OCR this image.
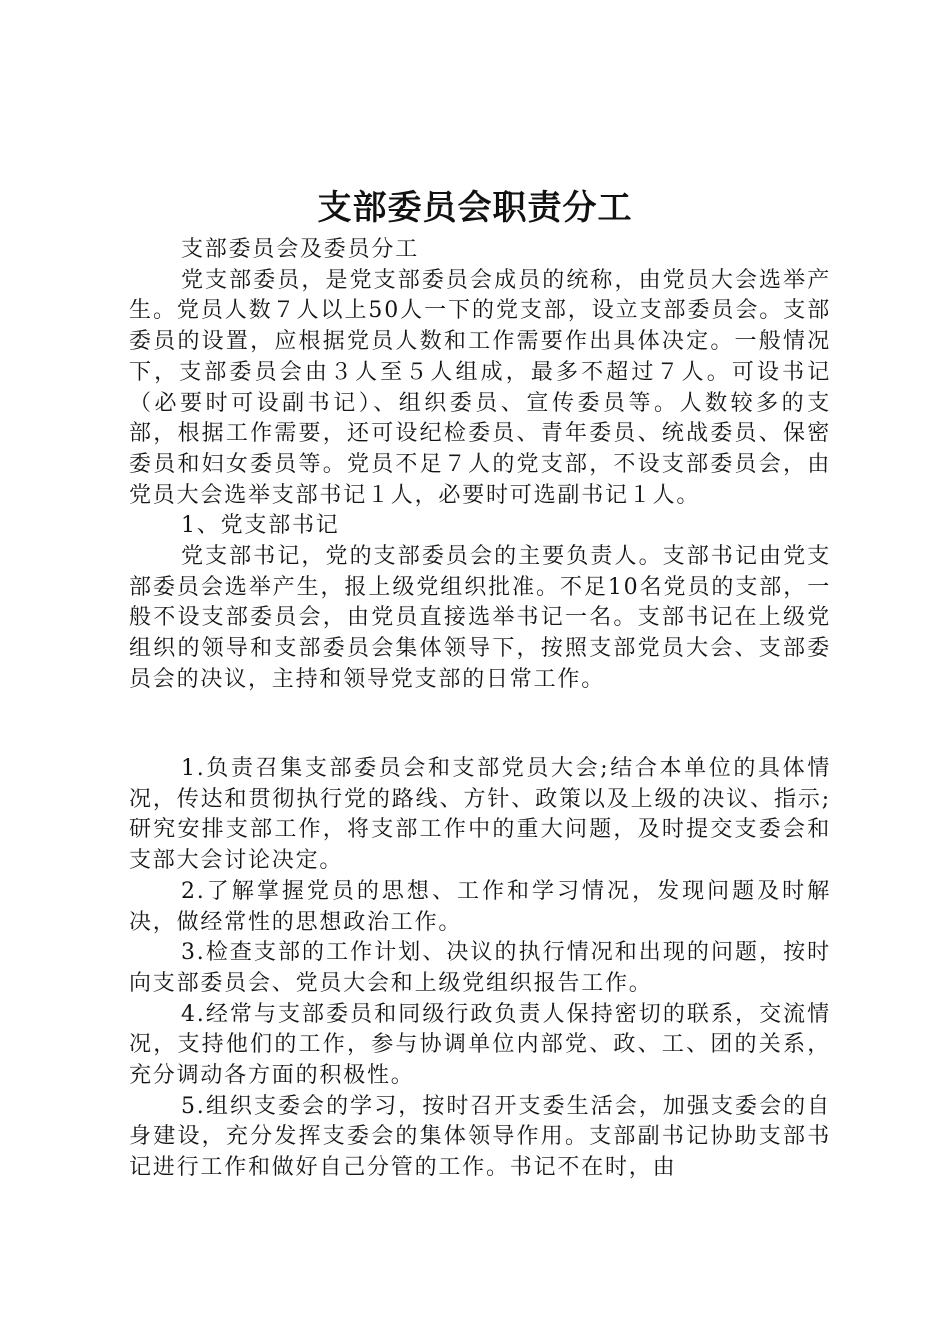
支部委员会职责分工

支部委员会及委员分工

党支部委员，是党支部委员会成员的统称，由党员大会选举产生。党员人数７人以上50人一下的党支部，设立支部委员会。支部委员的设置，应根据党员人数和工作需要作出具体决定。一般情况下，支部委员会由３人至５人组成，最多不超过７人。可设书记（必要时可设副书记）、组织委员、宣传委员等。人数较多的支部，根据工作需要，还可设纪检委员、青年委员、统战委员、保密委员和妇女委员等。党员不足７人的党支部，不设支部委员会，由党员大会选举支部书记１人，必要时可选副书记１人。

1、党支部书记

党支部书记，党的支部委员会的主要负责人。支部书记由党支部委员会选举产生，报上级党组织批准。不足10名党员的支部，一般不设支部委员会，由党员直接选举书记一名。支部书记在上级党组织的领导和支部委员会集体领导下，按照支部党员大会、支部委员会的决议，主持和领导党支部的日常工作。

1.负责召集支部委员会和支部党员大会;结合本单位的具体情况，传达和贯彻执行党的路线、方针、政策以及上级的决议、指示;研究安排支部工作，将支部工作中的重大问题，及时提交支委会和支部大会讨论决定。

2.了解掌握党员的思想、工作和学习情况，发现问题及时解决，做经常性的思想政治工作。

3.检查支部的工作计划、决议的执行情况和出现的问题，按时向支部委员会、党员大会和上级党组织报告工作。

4.经常与支部委员和同级行政负责人保持密切的联系，交流情况，支持他们的工作，参与协调单位内部党、政、工、团的关系，充分调动各方面的积极性。

5.组织支委会的学习，按时召开支委生活会，加强支委会的自身建设，充分发挥支委会的集体领导作用。支部副书记协助支部书记进行工作和做好自己分管的工作。书记不在时，由
